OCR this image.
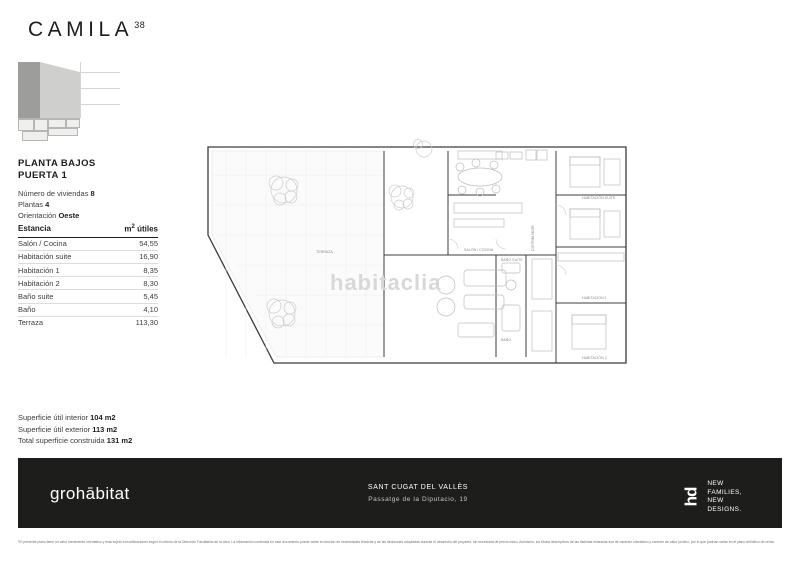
CAMILA$^{38}$
PLANTA BAJOS
PUERTA 1
Número de viviendas 8
Plantas 4
Orientación Oeste
Estancia	$m^2$ útiles
Salón / Cocina	54,55
Habitación suite	16,90
Habitación 1	8,35
Habitación 2	8,30
Baño suite	5,45
Baño	4,10
Terraza	113,30
Superficie útil interior 104 m2
Superficie útil exterior 113 m2
Total superficie construida 131 m2
SALÓN / COCINA
TERRAZA
HABITACIÓN SUITE
HABITACIÓN 1
HABITACIÓN 2
BAÑO SUITE
BAÑO
DISTRIBUIDOR
habitaclia
grohābitat	SANT CUGAT DEL VALLÈS
Passatge de la Diputacio, 19	hd
NEW
FAMILIES,
NEW
DESIGNS.
*El presente plano tiene un valor meramente orientativo y está sujeto a modificaciones según el criterio de la Dirección Facultativa de la obra. La información contenida en este documento puede variar en función de necesidades técnicas y de las decisiones adoptadas durante el desarrollo del proyecto, sin necesidad de previo aviso. Asimismo, los títulos descriptivos de las distintas estancias son de carácter orientativo y carecen de valor jurídico, por lo que podrían variar en el plano definitivo de venta.
